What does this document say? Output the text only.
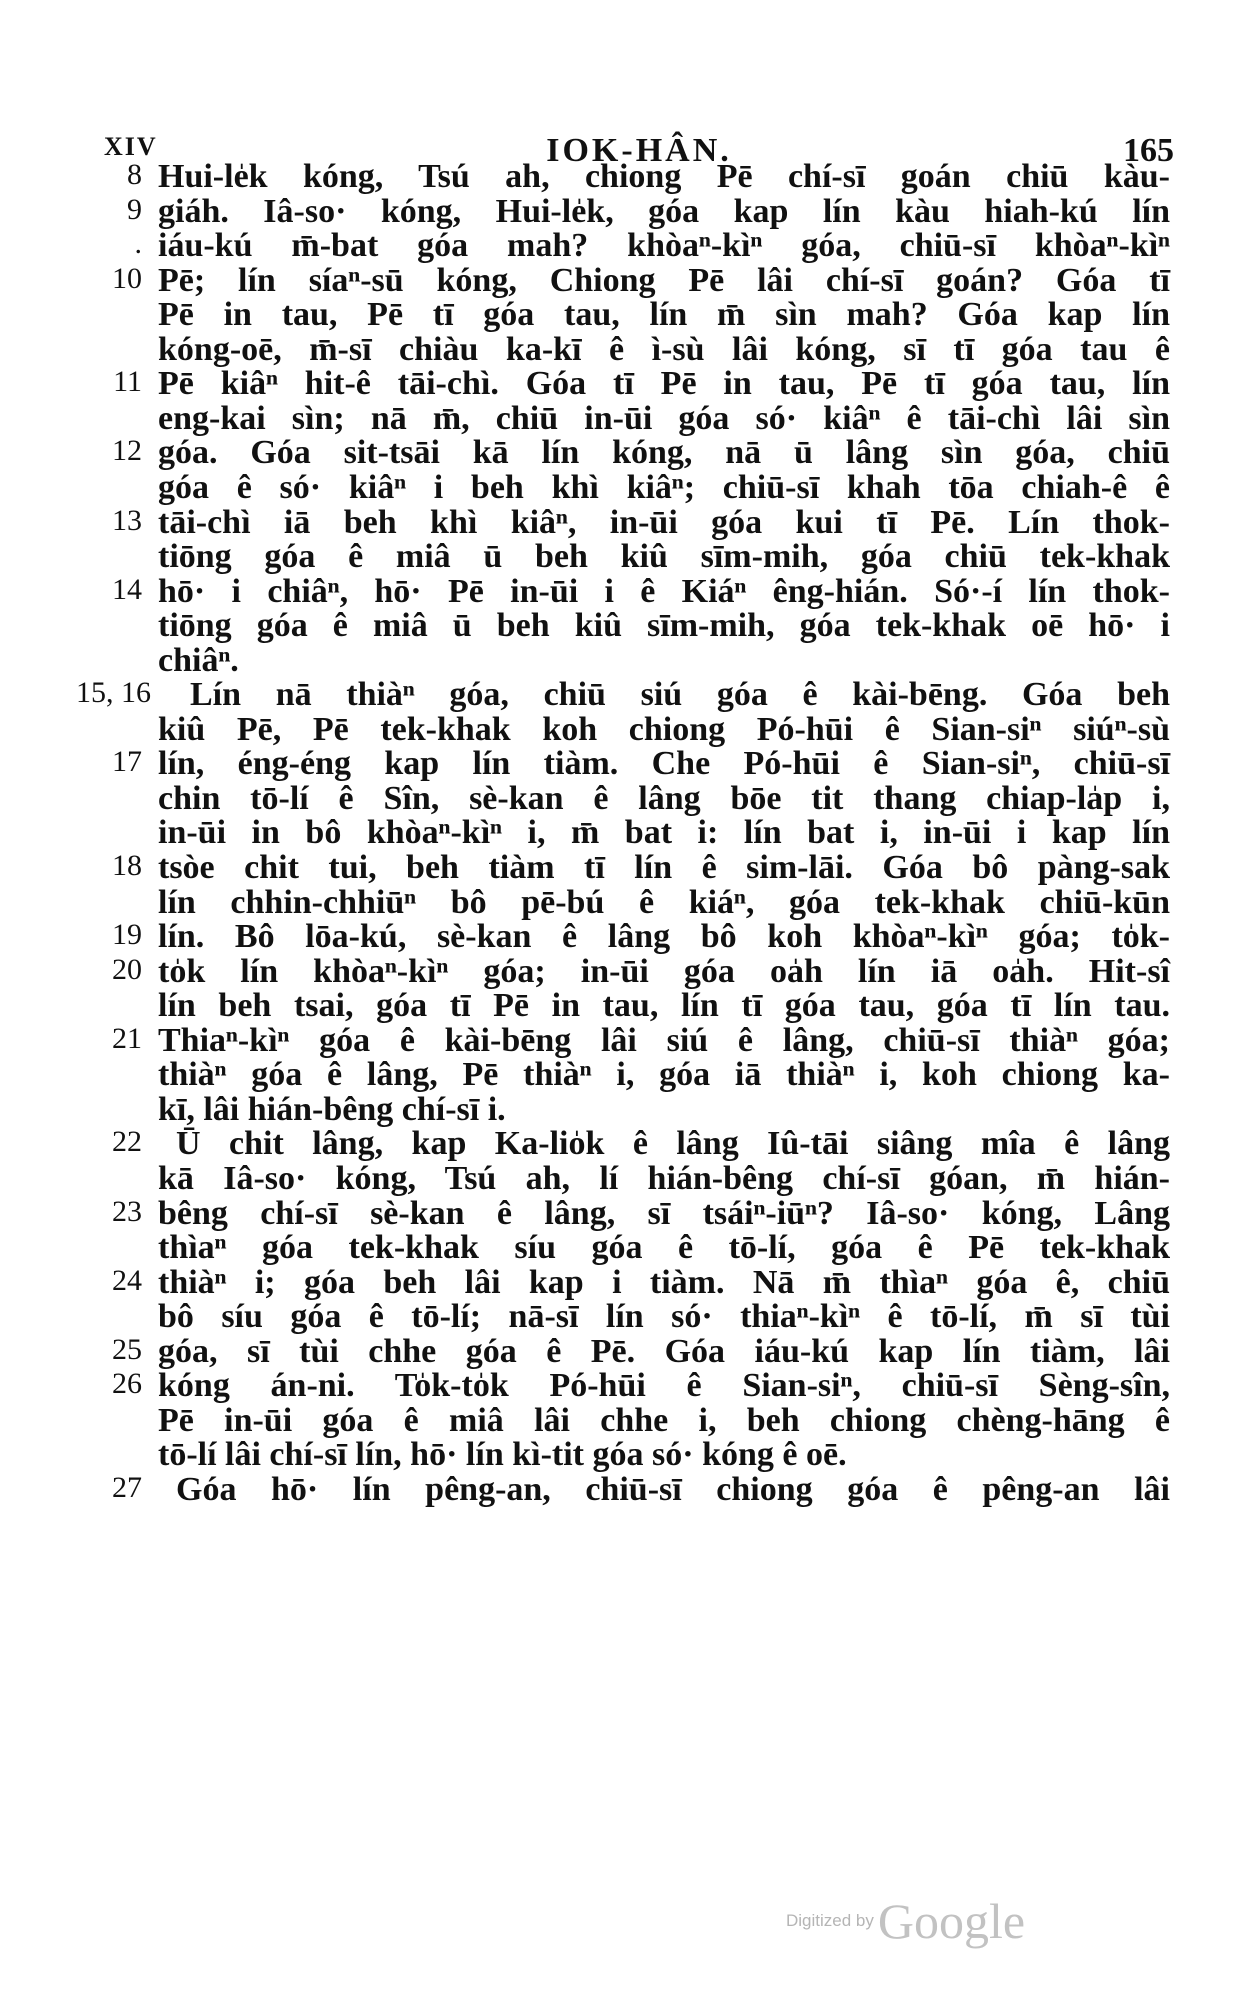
XIV	IOK-HÂN.	165
8 Hui-le̍k kóng, Tsú ah, chiong Pē chí-sī goán chiū kàu-
9 giáh. Iâ-so· kóng, Hui-le̍k, góa kap lín kàu hiah-kú lín
. iáu-kú m̄-bat góa mah? khòaⁿ-kìⁿ góa, chiū-sī khòaⁿ-kìⁿ
10 Pē; lín síaⁿ-sū kóng, Chiong Pē lâi chí-sī goán? Góa tī
Pē in tau, Pē tī góa tau, lín m̄ sìn mah? Góa kap lín
kóng-oē, m̄-sī chiàu ka-kī ê ì-sù lâi kóng, sī tī góa tau ê
11 Pē kiâⁿ hit-ê tāi-chì. Góa tī Pē in tau, Pē tī góa tau, lín
eng-kai sìn; nā m̄, chiū in-ūi góa só· kiâⁿ ê tāi-chì lâi sìn
12 góa. Góa sit-tsāi kā lín kóng, nā ū lâng sìn góa, chiū
góa ê só· kiâⁿ i beh khì kiâⁿ; chiū-sī khah tōa chiah-ê ê
13 tāi-chì iā beh khì kiâⁿ, in-ūi góa kui tī Pē. Lín thok-
tiōng góa ê miâ ū beh kiû sīm-mih, góa chiū tek-khak
14 hō· i chiâⁿ, hō· Pē in-ūi i ê Kiáⁿ êng-hián. Só·-í lín thok-
tiōng góa ê miâ ū beh kiû sīm-mih, góa tek-khak oē hō· i
chiâⁿ.
15, 16	Lín nā thiàⁿ góa, chiū siú góa ê kài-bēng. Góa beh
kiû Pē, Pē tek-khak koh chiong Pó-hūi ê Sian-siⁿ siúⁿ-sù
17 lín, éng-éng kap lín tiàm. Che Pó-hūi ê Sian-siⁿ, chiū-sī
chin tō-lí ê Sîn, sè-kan ê lâng bōe tit thang chiap-la̍p i,
in-ūi in bô khòaⁿ-kìⁿ i, m̄ bat i: lín bat i, in-ūi i kap lín
18 tsòe chit tui, beh tiàm tī lín ê sim-lāi. Góa bô pàng-sak
lín chhin-chhiūⁿ bô pē-bú ê kiáⁿ, góa tek-khak chiū-kūn
19 lín. Bô lōa-kú, sè-kan ê lâng bô koh khòaⁿ-kìⁿ góa; to̍k-
20 to̍k lín khòaⁿ-kìⁿ góa; in-ūi góa oa̍h lín iā oa̍h. Hit-sî
lín beh tsai, góa tī Pē in tau, lín tī góa tau, góa tī lín tau.
21 Thiaⁿ-kìⁿ góa ê kài-bēng lâi siú ê lâng, chiū-sī thiàⁿ góa;
thiàⁿ góa ê lâng, Pē thiàⁿ i, góa iā thiàⁿ i, koh chiong ka-
kī, lâi hián-bêng chí-sī i.
22 Ū chit lâng, kap Ka-lio̍k ê lâng Iû-tāi siâng mîa ê lâng
kā Iâ-so· kóng, Tsú ah, lí hián-bêng chí-sī góan, m̄ hián-
23 bêng chí-sī sè-kan ê lâng, sī tsáiⁿ-iūⁿ? Iâ-so· kóng, Lâng
thìaⁿ góa tek-khak síu góa ê tō-lí, góa ê Pē tek-khak
24 thiàⁿ i; góa beh lâi kap i tiàm. Nā m̄ thìaⁿ góa ê, chiū
bô síu góa ê tō-lí; nā-sī lín só· thiaⁿ-kìⁿ ê tō-lí, m̄ sī tùi
25 góa, sī tùi chhe góa ê Pē. Góa iáu-kú kap lín tiàm, lâi
26 kóng án-ni. To̍k-to̍k Pó-hūi ê Sian-siⁿ, chiū-sī Sèng-sîn,
Pē in-ūi góa ê miâ lâi chhe i, beh chiong chèng-hāng ê
tō-lí lâi chí-sī lín, hō· lín kì-tit góa só· kóng ê oē.
27 Góa hō· lín pêng-an, chiū-sī chiong góa ê pêng-an lâi
Digitized by Google
